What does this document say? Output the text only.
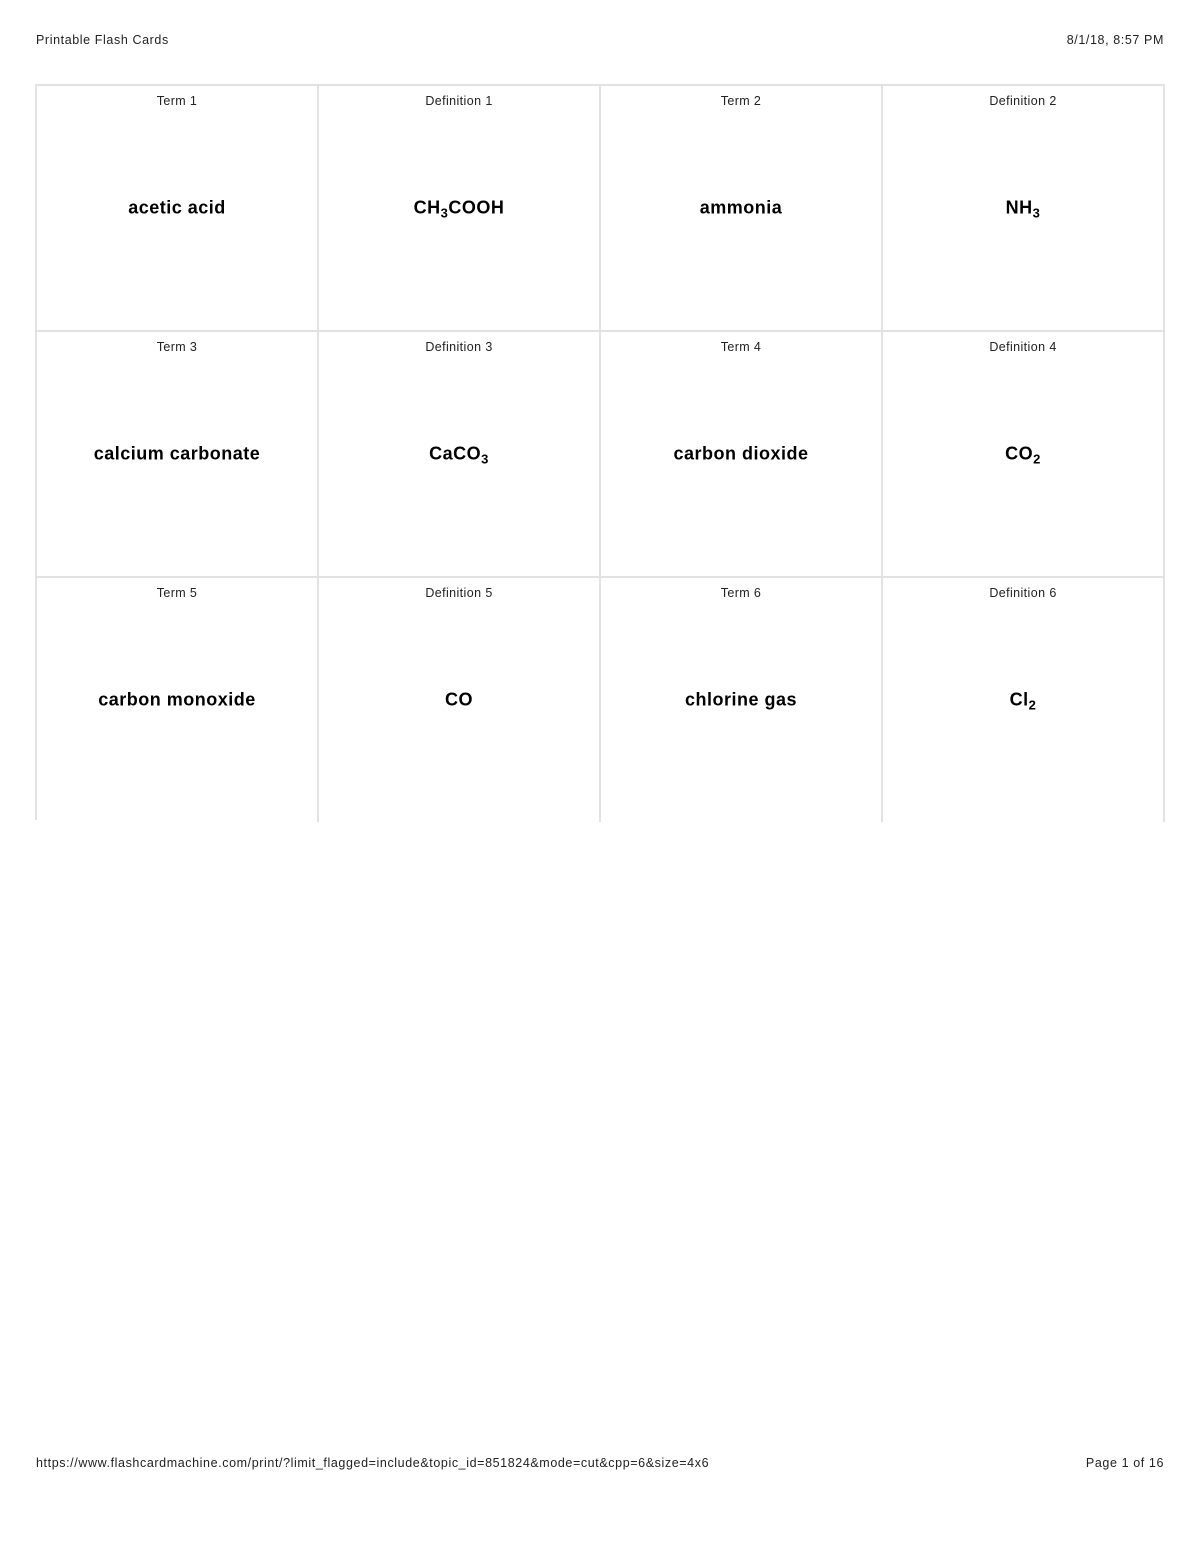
Printable Flash Cards	8/1/18, 8:57 PM
Term 1
acetic acid
Definition 1
$CH_3COOH$
Term 2
ammonia
Definition 2
$NH_3$
Term 3
calcium carbonate
Definition 3
CaCO$_3$
Term 4
carbon dioxide
Definition 4
$CO_2$
Term 5
carbon monoxide
Definition 5
CO
Term 6
chlorine gas
Definition 6
$Cl_2$
https://www.flashcardmachine.com/print/?limit_flagged=include&topic_id=851824&mode=cut&cpp=6&size=4x6	Page 1 of 16
